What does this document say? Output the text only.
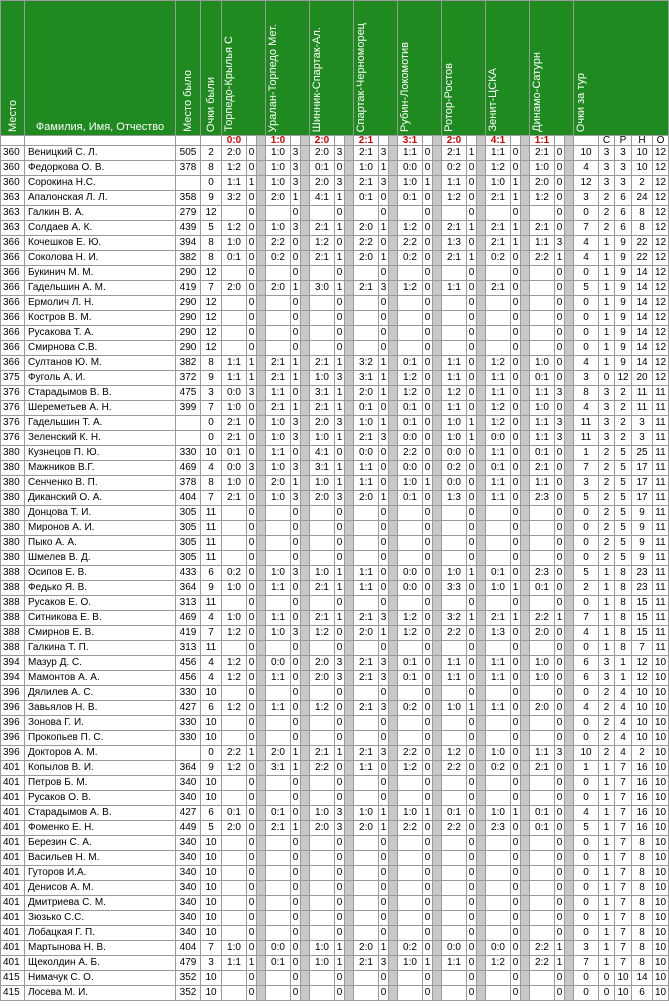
Место	Фамилия, Имя, Отчество	Место было	Очки были	Торпедо-Крылья С			Уралан-Торпедо Мет.			Шинник-Спартак-Ал.			Спартак-Черноморец			Рубин-Локомотив			Ротор-Ростов			Зенит-ЦСКА			Динамо-Сатурн			Очки за тур				
				0:0			1:0			2:0			2:1			3:1			2:0			4:1			1:1				С	Р	Н	О
360	Веницкий С. Л.	505	2	2:0	0		1:0	3		2:0	3		2:1	3		1:1	0		2:1	1		1:1	0		2:1	0		10	3	3	10	12
360	Федоркова О. В.	378	8	1:2	0		1:0	3		0:1	0		1:0	1		0:0	0		0:2	0		1:2	0		1:0	0		4	3	3	10	12
360	Сорокина Н.С.		0	1:1	1		1:0	3		2:0	3		2:1	3		1:0	1		1:1	0		1:0	1		2:0	0		12	3	3	2	12
363	Апалонская Л. Л.	358	9	3:2	0		2:0	1		4:1	1		0:1	0		0:1	0		1:2	0		2:1	1		1:2	0		3	2	6	24	12
363	Галкин В. А.	279	12		0			0			0			0			0			0			0			0		0	2	6	8	12
363	Солдаев А. К.	439	5	1:2	0		1:0	3		2:1	1		2:0	1		1:2	0		2:1	1		2:1	1		2:1	0		7	2	6	8	12
366	Кочешков Е. Ю.	394	8	1:0	0		2:2	0		1:2	0		2:2	0		2:2	0		1:3	0		2:1	1		1:1	3		4	1	9	22	12
366	Соколова Н. И.	382	8	0:1	0		0:2	0		2:1	1		2:0	1		0:2	0		2:1	1		0:2	0		2:2	1		4	1	9	22	12
366	Букинич М. М.	290	12		0			0			0			0			0			0			0			0		0	1	9	14	12
366	Гадельшин А. М.	419	7	2:0	0		2:0	1		3:0	1		2:1	3		1:2	0		1:1	0		2:1	0			0		5	1	9	14	12
366	Ермолич Л. Н.	290	12		0			0			0			0			0			0			0			0		0	1	9	14	12
366	Костров В. М.	290	12		0			0			0			0			0			0			0			0		0	1	9	14	12
366	Русакова Т. А.	290	12		0			0			0			0			0			0			0			0		0	1	9	14	12
366	Смирнова С.В.	290	12		0			0			0			0			0			0			0			0		0	1	9	14	12
366	Султанов Ю. М.	382	8	1:1	1		2:1	1		2:1	1		3:2	1		0:1	0		1:1	0		1:2	0		1:0	0		4	1	9	14	12
375	Фуголь А. И.	372	9	1:1	1		2:1	1		1:0	3		3:1	1		1:2	0		1:1	0		1:1	0		0:1	0		3	0	12	20	12
376	Старадымов В. В.	475	3	0:0	3		1:1	0		3:1	1		2:0	1		1:2	0		1:2	0		1:1	0		1:1	3		8	3	2	11	11
376	Шереметьев А. Н.	399	7	1:0	0		2:1	1		2:1	1		0:1	0		0:1	0		1:1	0		1:2	0		1:0	0		4	3	2	11	11
376	Гадельшин Т. А.		0	2:1	0		1:0	3		2:0	3		1:0	1		0:1	0		1:0	1		1:2	0		1:1	3		11	3	2	3	11
376	Зеленский К. Н.		0	2:1	0		1:0	3		1:0	1		2:1	3		0:0	0		1:0	1		0:0	0		1:1	3		11	3	2	3	11
380	Кузнецов П. Ю.	330	10	0:1	0		1:1	0		4:1	0		0:0	0		2:2	0		0:0	0		1:1	0		0:1	0		1	2	5	25	11
380	Мажников В.Г.	469	4	0:0	3		1:0	3		3:1	1		1:1	0		0:0	0		0:2	0		0:1	0		2:1	0		7	2	5	17	11
380	Сенченко В. П.	378	8	1:0	0		2:0	1		1:0	1		1:1	0		1:0	1		0:0	0		1:1	0		1:1	0		3	2	5	17	11
380	Диканский О. А.	404	7	2:1	0		1:0	3		2:0	3		2:0	1		0:1	0		1:3	0		1:1	0		2:3	0		5	2	5	17	11
380	Донцова Т. И.	305	11		0			0			0			0			0			0			0			0		0	2	5	9	11
380	Миронов А. И.	305	11		0			0			0			0			0			0			0			0		0	2	5	9	11
380	Пыко А. А.	305	11		0			0			0			0			0			0			0			0		0	2	5	9	11
380	Шмелев В. Д.	305	11		0			0			0			0			0			0			0			0		0	2	5	9	11
388	Осипов Е. В.	433	6	0:2	0		1:0	3		1:0	1		1:1	0		0:0	0		1:0	1		0:1	0		2:3	0		5	1	8	23	11
388	Федько Я. В.	364	9	1:0	0		1:1	0		2:1	1		1:1	0		0:0	0		3:3	0		1:0	1		0:1	0		2	1	8	23	11
388	Русаков Е. О.	313	11		0			0			0			0			0			0			0			0		0	1	8	15	11
388	Ситникова Е. В.	469	4	1:0	0		1:1	0		2:1	1		2:1	3		1:2	0		3:2	1		2:1	1		2:2	1		7	1	8	15	11
388	Смирнов Е. В.	419	7	1:2	0		1:0	3		1:2	0		2:0	1		1:2	0		2:2	0		1:3	0		2:0	0		4	1	8	15	11
388	Галкина Т. П.	313	11		0			0			0			0			0			0			0			0		0	1	8	7	11
394	Мазур Д. С.	456	4	1:2	0		0:0	0		2:0	3		2:1	3		0:1	0		1:1	0		1:1	0		1:0	0		6	3	1	12	10
394	Мамонтов А. А.	456	4	1:2	0		1:1	0		2:0	3		2:1	3		0:1	0		1:1	0		1:1	0		1:0	0		6	3	1	12	10
396	Дялилев А. С.	330	10		0			0			0			0			0			0			0			0		0	2	4	10	10
396	Завьялов Н. В.	427	6	1:2	0		1:1	0		1:2	0		2:1	3		0:2	0		1:0	1		1:1	0		2:0	0		4	2	4	10	10
396	Зонова Г. И.	330	10		0			0			0			0			0			0			0			0		0	2	4	10	10
396	Прокопьев П. С.	330	10		0			0			0			0			0			0			0			0		0	2	4	10	10
396	Докторов А. М.		0	2:2	1		2:0	1		2:1	1		2:1	3		2:2	0		1:2	0		1:0	0		1:1	3		10	2	4	2	10
401	Копылов В. И.	364	9	1:2	0		3:1	1		2:2	0		1:1	0		1:2	0		2:2	0		0:2	0		2:1	0		1	1	7	16	10
401	Петров Б. М.	340	10		0			0			0			0			0			0			0			0		0	1	7	16	10
401	Русаков О. В.	340	10		0			0			0			0			0			0			0			0		0	1	7	16	10
401	Старадымов А. В.	427	6	0:1	0		0:1	0		1:0	3		1:0	1		1:0	1		0:1	0		1:0	1		0:1	0		4	1	7	16	10
401	Фоменко Е. Н.	449	5	2:0	0		2:1	1		2:0	3		2:0	1		2:2	0		2:2	0		2:3	0		0:1	0		5	1	7	16	10
401	Березин С. А.	340	10		0			0			0			0			0			0			0			0		0	1	7	8	10
401	Васильев Н. М.	340	10		0			0			0			0			0			0			0			0		0	1	7	8	10
401	Гуторов И.А.	340	10		0			0			0			0			0			0			0			0		0	1	7	8	10
401	Денисов А. М.	340	10		0			0			0			0			0			0			0			0		0	1	7	8	10
401	Дмитриева С. М.	340	10		0			0			0			0			0			0			0			0		0	1	7	8	10
401	Зюзько С.С.	340	10		0			0			0			0			0			0			0			0		0	1	7	8	10
401	Лобацкая Г. П.	340	10		0			0			0			0			0			0			0			0		0	1	7	8	10
401	Мартынова Н. В.	404	7	1:0	0		0:0	0		1:0	1		2:0	1		0:2	0		0:0	0		0:0	0		2:2	1		3	1	7	8	10
401	Щеколдин А. Б.	479	3	1:1	1		0:1	0		1:0	1		2:1	3		1:0	1		1:1	0		1:2	0		2:2	1		7	1	7	8	10
415	Нимачук С. О.	352	10		0			0			0			0			0			0			0			0		0	0	10	14	10
415	Лосева М. И.	352	10		0			0			0			0			0			0			0			0		0	0	10	6	10
